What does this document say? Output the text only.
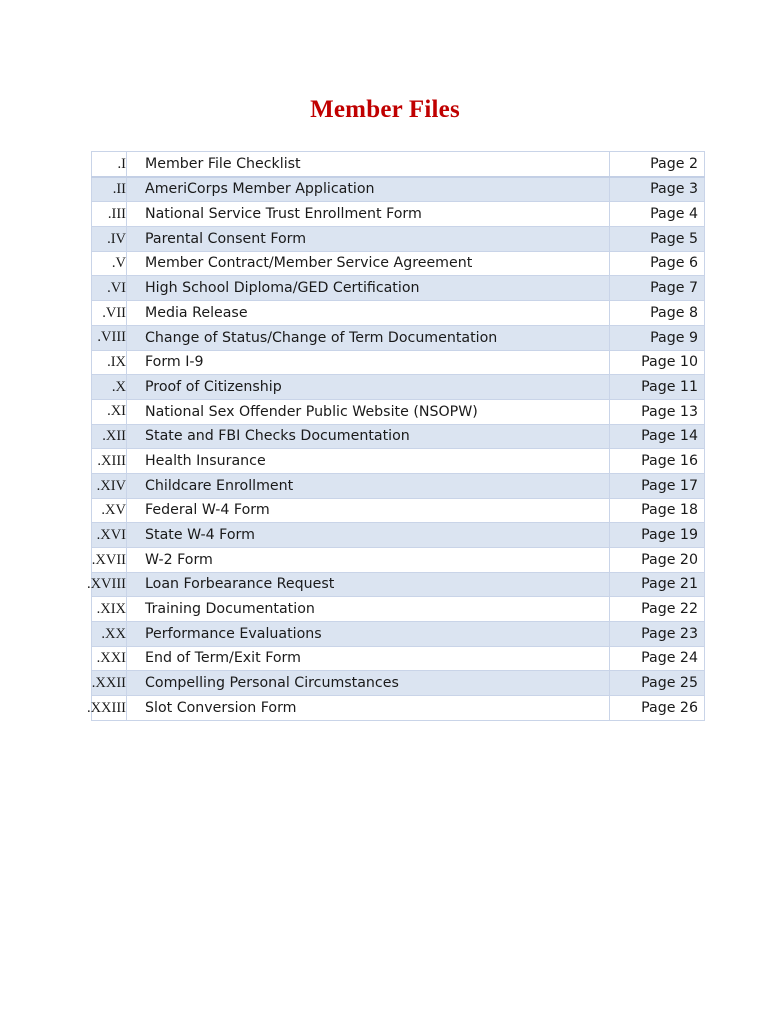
Member Files
I.	Member File Checklist	Page 2
II.	AmeriCorps Member Application	Page 3
III.	National Service Trust Enrollment Form	Page 4
IV.	Parental Consent Form	Page 5
V.	Member Contract/Member Service Agreement	Page 6
VI.	High School Diploma/GED Certification	Page 7
VII.	Media Release	Page 8
VIII.	Change of Status/Change of Term Documentation	Page 9
IX.	Form I-9	Page 10
X.	Proof of Citizenship	Page 11
XI.	National Sex Offender Public Website (NSOPW)	Page 13
XII.	State and FBI Checks Documentation	Page 14
XIII.	Health Insurance	Page 16
XIV.	Childcare Enrollment	Page 17
XV.	Federal W-4 Form	Page 18
XVI.	State W-4 Form	Page 19
XVII.	W-2 Form	Page 20
XVIII.	Loan Forbearance Request	Page 21
XIX.	Training Documentation	Page 22
XX.	Performance Evaluations	Page 23
XXI.	End of Term/Exit Form	Page 24
XXII.	Compelling Personal Circumstances	Page 25
XXIII.	Slot Conversion Form	Page 26
